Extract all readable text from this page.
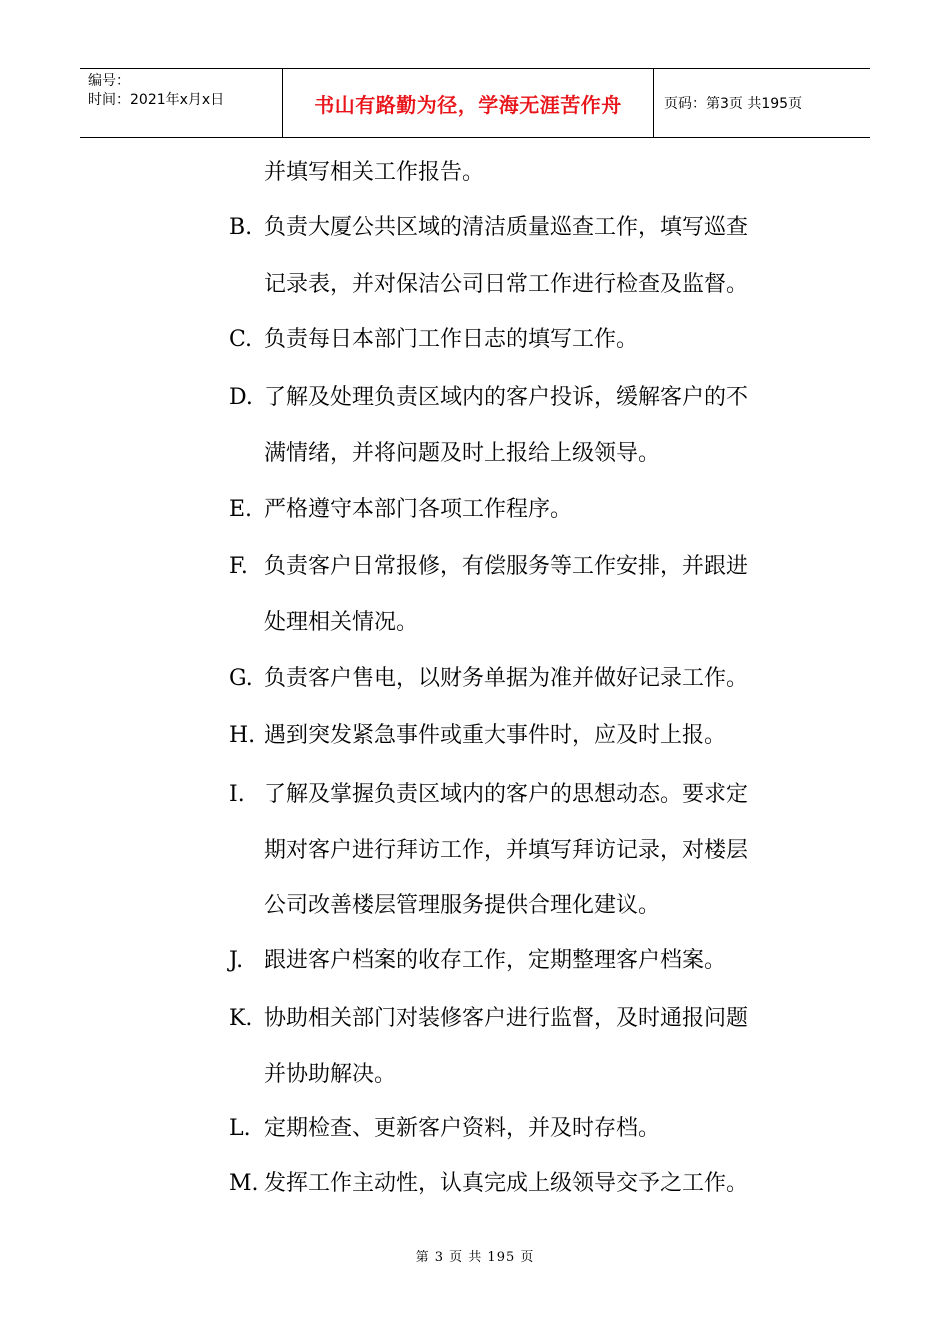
编号：
时间：2021年x月x日	书山有路勤为径，学海无涯苦作舟	页码：第3页 共195页
并填写相关工作报告。
B. 负责大厦公共区域的清洁质量巡查工作，填写巡查
记录表，并对保洁公司日常工作进行检查及监督。
C. 负责每日本部门工作日志的填写工作。
D. 了解及处理负责区域内的客户投诉，缓解客户的不
满情绪，并将问题及时上报给上级领导。
E. 严格遵守本部门各项工作程序。
F. 负责客户日常报修，有偿服务等工作安排，并跟进
处理相关情况。
G. 负责客户售电，以财务单据为准并做好记录工作。
H. 遇到突发紧急事件或重大事件时，应及时上报。
I. 了解及掌握负责区域内的客户的思想动态。要求定
期对客户进行拜访工作，并填写拜访记录，对楼层
公司改善楼层管理服务提供合理化建议。
J. 跟进客户档案的收存工作，定期整理客户档案。
K. 协助相关部门对装修客户进行监督，及时通报问题
并协助解决。
L. 定期检查、更新客户资料，并及时存档。
M. 发挥工作主动性，认真完成上级领导交予之工作。
第 3 页 共 195 页
